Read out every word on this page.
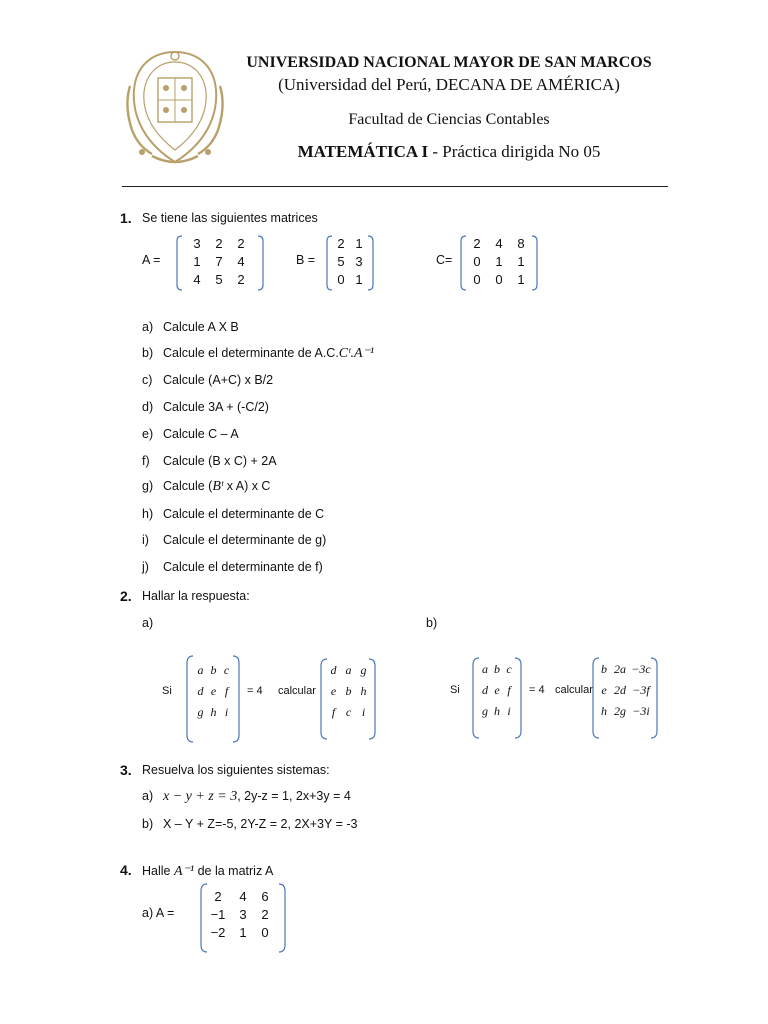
UNIVERSIDAD NACIONAL MAYOR DE SAN MARCOS
(Universidad del Perú, DECANA DE AMÉRICA)
Facultad de Ciencias Contables
MATEMÁTICA I - Práctica dirigida No 05
1. Se tiene las siguientes matrices
A =
3	2	2
1	7	4
4	5	2
B =
2	1
5	3
0	1
C=
2	4	8
0	1	1
0	0	1
a) Calcule A X B
b) Calcule el determinante de A.C.Cᵗ.A⁻¹
c) Calcule (A+C) x B/2
d) Calcule 3A + (-C/2)
e) Calcule C – A
f) Calcule (B x C) + 2A
g) Calcule (Bᵗ x A) x C
h) Calcule el determinante de C
i) Calcule el determinante de g)
j) Calcule el determinante de f)
2. Hallar la respuesta:
a)	b)
Si
a	b	c
d	e	f
g	h	i
= 4 calcular
d	a	g
e	b	h
f	c	i
Si
a	b	c
d	e	f
g	h	i
= 4 calcular
b	2a	−3c
e	2d	−3f
h	2g	−3i
3. Resuelva los siguientes sistemas:
a) x − y + z = 3, 2y-z = 1, 2x+3y = 4
b) X – Y + Z=-5, 2Y-Z = 2, 2X+3Y = -3
4. Halle A⁻¹ de la matriz A
a) A =
2	4	6
−1	3	2
−2	1	0
